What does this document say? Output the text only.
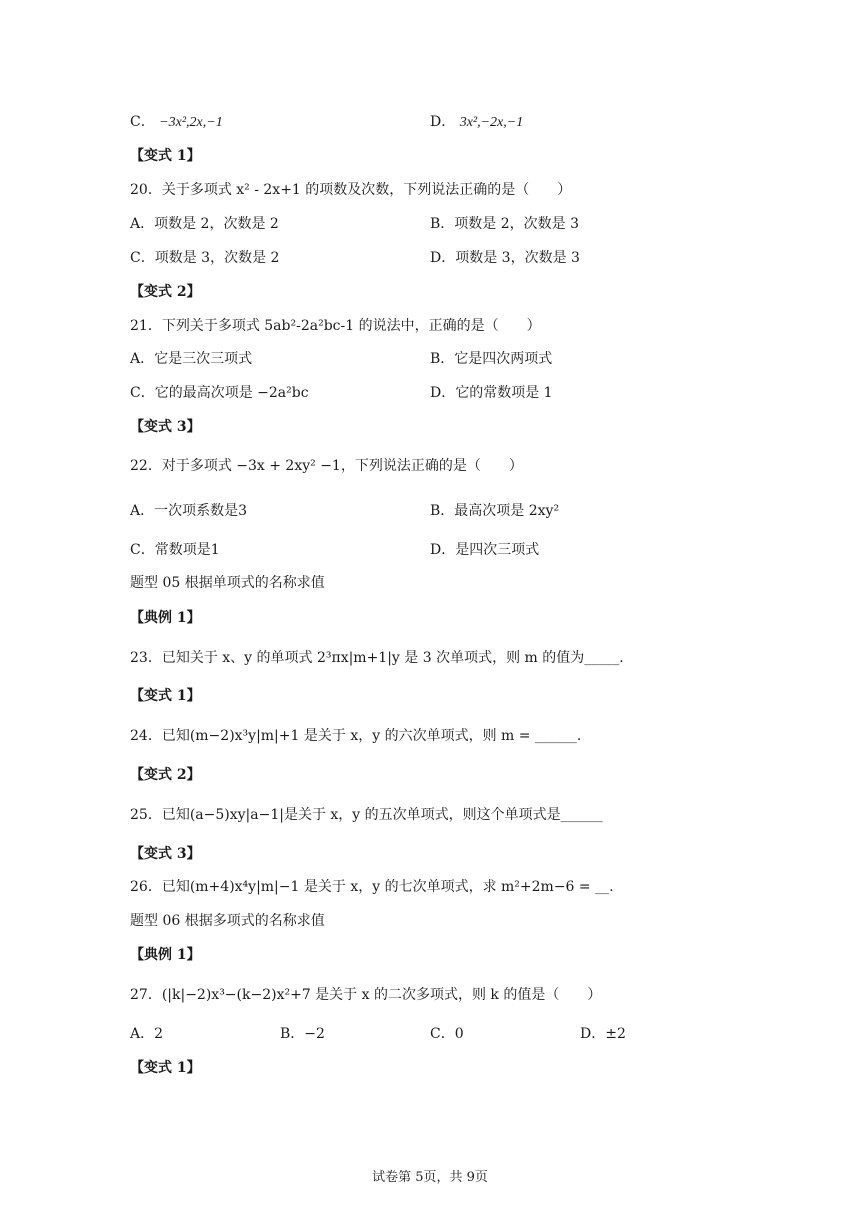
C． −3x²,2x,−1	D． 3x²,−2x,−1
【变式 1】
20．关于多项式 x² - 2x+1 的项数及次数，下列说法正确的是（　　）
A．项数是 2，次数是 2	B．项数是 2，次数是 3
C．项数是 3，次数是 2	D．项数是 3，次数是 3
【变式 2】
21．下列关于多项式 5ab²-2a²bc-1 的说法中，正确的是（　　）
A．它是三次三项式	B．它是四次两项式
C．它的最高次项是 −2a²bc	D．它的常数项是 1
【变式 3】
22．对于多项式 −3x + 2xy² −1，下列说法正确的是（　　）
A．一次项系数是3	B．最高次项是 2xy²
C．常数项是1	D．是四次三项式
题型 05 根据单项式的名称求值
【典例 1】
23．已知关于 x、y 的单项式 2³πx|m+1|y 是 3 次单项式，则 m 的值为_____.
【变式 1】
24．已知(m−2)x³y|m|+1 是关于 x，y 的六次单项式，则 m = ______.
【变式 2】
25．已知(a−5)xy|a−1|是关于 x，y 的五次单项式，则这个单项式是______
【变式 3】
26．已知(m+4)x⁴y|m|−1 是关于 x，y 的七次单项式，求 m²+2m−6 = __.
题型 06 根据多项式的名称求值
【典例 1】
27．(|k|−2)x³−(k−2)x²+7 是关于 x 的二次多项式，则 k 的值是（　　）
A．2	B．−2	C．0	D．±2
【变式 1】
试卷第 5页，共 9页
